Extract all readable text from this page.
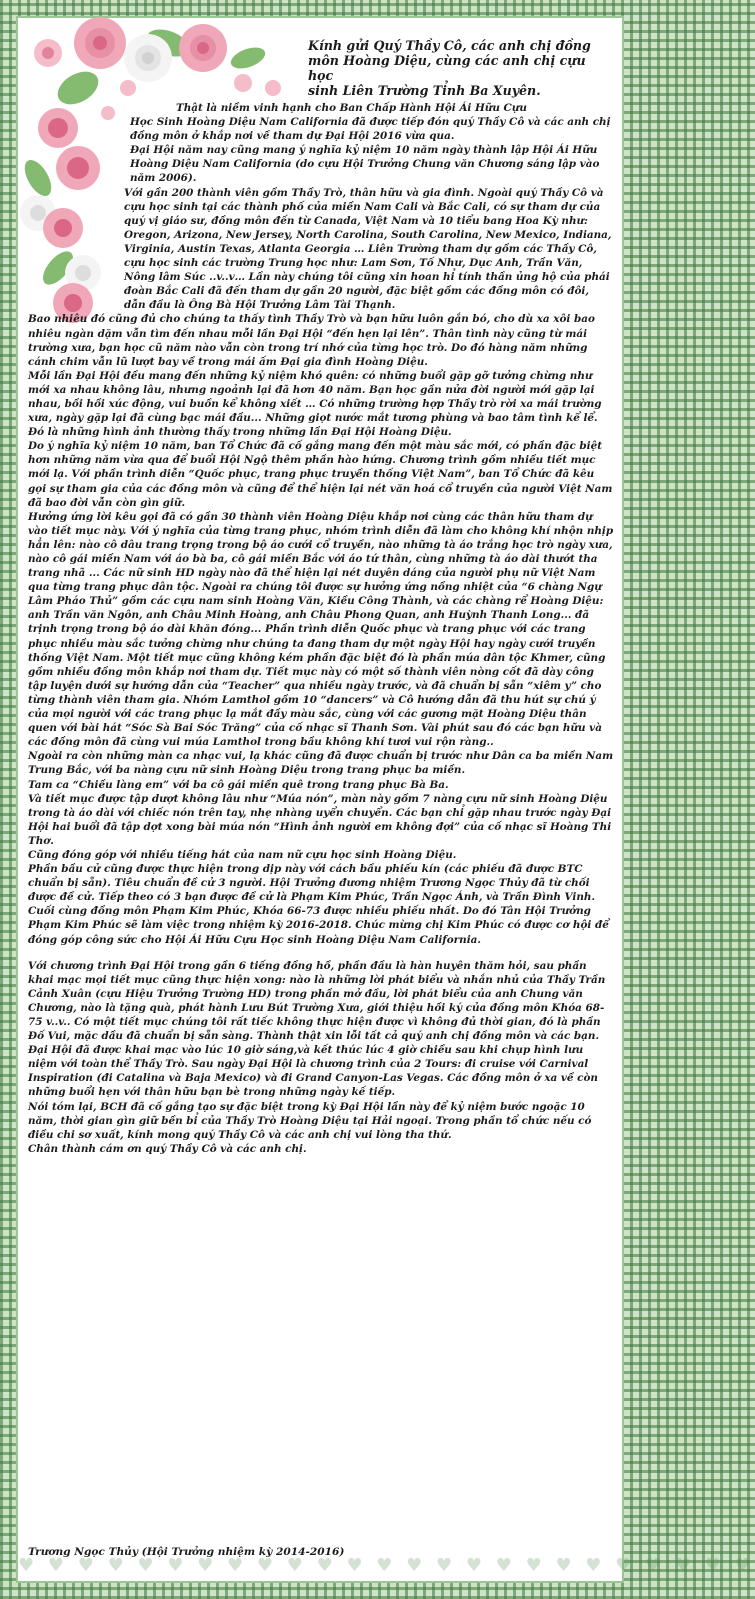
Kính gửi Quý Thầy Cô, các anh chị đồng
môn Hoàng Diệu, cùng các anh chị cựu học
sinh Liên Trường Tỉnh Ba Xuyên.

Thật là niềm vinh hạnh cho Ban Chấp Hành Hội Ái Hữu Cựu

Học Sinh Hoàng Diệu Nam California đã được tiếp đón quý Thầy Cô và các anh chị đồng môn ở khắp nơi về tham dự Đại Hội 2016 vừa qua.

Đại Hội năm nay cũng mang ý nghĩa kỷ niệm 10 năm ngày thành lập Hội Ái Hữu Hoàng Diệu Nam California (do cựu Hội Trưởng Chung văn Chương sáng lập vào năm 2006).

Với gần 200 thành viên gồm Thầy Trò, thân hữu và gia đình. Ngoài quý Thầy Cô và cựu học sinh tại các thành phố của miền Nam Cali và Bắc Cali, có sự tham dự của quý vị giáo sư, đồng môn đến từ Canada, Việt Nam và 10 tiểu bang Hoa Kỳ như: Oregon, Arizona, New Jersey, North Carolina, South Carolina, New Mexico, Indiana, Virginia, Austin Texas, Atlanta Georgia … Liên Trường tham dự gồm các Thầy Cô, cựu học sinh các trường Trung học như: Lam Sơn, Tố Như, Dục Anh, Trần Văn, Nông lâm Súc ..v..v… Lần này chúng tôi cũng xin hoan hỉ tính thần ủng hộ của phái đoàn Bắc Cali đã đến tham dự gần 20 người, đặc biệt gồm các đồng môn có đôi, dẫn đầu là Ông Bà Hội Trưởng Lâm Tài Thạnh.

Bao nhiêu đó cũng đủ cho chúng ta thấy tình Thầy Trò và bạn hữu luôn gắn bó, cho dù xa xôi bao nhiêu ngàn dặm vẫn tìm đến nhau mỗi lần Đại Hội “đến hẹn lại lên”. Thân tình này cũng từ mái trường xưa, bạn học cũ năm nào vẫn còn trong trí nhớ của từng học trò. Do đó hàng năm những cánh chim vẫn lũ lượt bay về trong mái ấm Đại gia đình Hoàng Diệu.

Mỗi lần Đại Hội đều mang đến những kỷ niệm khó quên: có những buổi gặp gỡ tưởng chừng như mới xa nhau không lâu, nhưng ngoảnh lại đã hơn 40 năm. Bạn học gần nửa đời người mới gặp lại nhau, bồi hồi xúc động, vui buồn kể không xiết … Có những trường hợp Thầy trò rời xa mái trường xưa, ngày gặp lại đã cùng bạc mái đầu... Những giọt nước mắt tương phùng và bao tâm tình kể lể. Đó là những hình ảnh thường thấy trong những lần Đại Hội Hoàng Diệu.

Do ý nghĩa kỷ niệm 10 năm, ban Tổ Chức đã cố gắng mang đến một màu sắc mới, có phần đặc biệt hơn những năm vừa qua để buổi Hội Ngộ thêm phần hào hứng. Chương trình gồm nhiều tiết mục mới lạ. Với phần trình diễn “Quốc phục, trang phục truyền thống Việt Nam”, ban Tổ Chức đã kêu gọi sự tham gia của các đồng môn và cũng để thể hiện lại nét văn hoá cổ truyền của người Việt Nam đã bao đời vẫn còn gìn giữ.

Hưởng ứng lời kêu gọi đã có gần 30 thành viên Hoàng Diệu khắp nơi cùng các thân hữu tham dự vào tiết mục này. Với ý nghĩa của từng trang phục, nhóm trình diễn đã làm cho không khí nhộn nhịp hẳn lên: nào cô dâu trang trọng trong bộ áo cưới cổ truyền, nào những tà áo trắng học trò ngày xưa, nào cô gái miền Nam với áo bà ba, cô gái miền Bắc với áo tứ thân, cùng những tà áo dài thướt tha trang nhã ... Các nữ sinh HD ngày nào đã thể hiện lại nét duyên dáng của người phụ nữ Việt Nam qua từng trang phục dân tộc. Ngoài ra chúng tôi được sự hưởng ứng nồng nhiệt của “6 chàng Ngự Lâm Pháo Thủ” gồm các cựu nam sinh Hoàng Văn, Kiều Công Thành, và các chàng rể Hoàng Diệu: anh Trần văn Ngôn, anh Châu Minh Hoàng, anh Châu Phong Quan, anh Huỳnh Thanh Long... đã trịnh trọng trong bộ áo dài khăn đóng... Phần trình diễn Quốc phục và trang phục với các trang phục nhiều màu sắc tưởng chừng như chúng ta đang tham dự một ngày Hội hay ngày cưới truyền thống Việt Nam. Một tiết mục cũng không kém phần đặc biệt đó là phần múa dân tộc Khmer, cũng gồm nhiều đồng môn khắp nơi tham dự. Tiết mục này có một số thành viên nòng cốt đã dày công tập luyện dưới sự hướng dẫn của “Teacher” qua nhiều ngày trước, và đã chuẩn bị sẵn “xiêm y” cho từng thành viên tham gia. Nhóm Lamthol gồm 10 “dancers” và Cô hướng dẫn đã thu hút sự chú ý của mọi người với các trang phục lạ mắt đầy màu sắc, cùng với các gương mặt Hoàng Diệu thân quen với bài hát “Sóc Sà Bai Sóc Trăng” của cố nhạc sĩ Thanh Sơn. Vài phút sau đó các bạn hữu và các đồng môn đã cùng vui múa Lamthol trong bầu không khí tươi vui rộn ràng..

Ngoài ra còn những màn ca nhạc vui, lạ khác cũng đã được chuẩn bị trước như Dân ca ba miền Nam Trung Bắc, với ba nàng cựu nữ sinh Hoàng Diệu trong trang phục ba miền.

Tam ca “Chiều làng em” với ba cô gái miền quê trong trang phục Bà Ba.

Và tiết mục được tập dượt không lâu như “Múa nón”, màn này gồm 7 nàng cựu nữ sinh Hoàng Diệu trong tà áo dài với chiếc nón trên tay, nhẹ nhàng uyển chuyển. Các bạn chỉ gặp nhau trước ngày Đại Hội hai buổi đã tập dợt xong bài múa nón “Hình ảnh người em không đợi” của cố nhạc sĩ Hoàng Thi Thơ.

Cũng đóng góp với nhiều tiếng hát của nam nữ cựu học sinh Hoàng Diệu.

Phần bầu cử cũng được thực hiện trong dịp này với cách bầu phiếu kín (các phiếu đã được BTC chuẩn bị sẵn). Tiêu chuẩn đề cử 3 người. Hội Trưởng đương nhiệm Trương Ngọc Thủy đã từ chối được đề cử. Tiếp theo có 3 bạn được đề cử là Phạm Kim Phúc, Trần Ngọc Ánh, và Trần Đình Vinh. Cuối cùng đồng môn Phạm Kim Phúc, Khóa 66-73 được nhiều phiếu nhất. Do đó Tân Hội Trưởng Phạm Kim Phúc sẽ làm việc trong nhiệm kỳ 2016-2018. Chúc mừng chị Kim Phúc có được cơ hội để đóng góp công sức cho Hội Ái Hữu Cựu Học sinh Hoàng Diệu Nam California.

Với chương trình Đại Hội trong gần 6 tiếng đồng hồ, phần đầu là hàn huyên thăm hỏi, sau phần khai mạc mọi tiết mục cũng thực hiện xong: nào là những lời phát biểu và nhắn nhủ của Thầy Trần Cảnh Xuân (cựu Hiệu Trưởng Trường HD) trong phần mở đầu, lời phát biểu của anh Chung văn Chương, nào là tặng quà, phát hành Lưu Bút Trường Xưa, giới thiệu hồi ký của đồng môn Khóa 68-75 v..v.. Có một tiết mục chúng tôi rất tiếc không thực hiện được vì không đủ thời gian, đó là phần Đố Vui, mặc dầu đã chuẩn bị sẵn sàng. Thành thật xin lỗi tất cả quý anh chị đồng môn và các bạn.

Đại Hội đã được khai mạc vào lúc 10 giờ sáng,và kết thúc lúc 4 giờ chiều sau khi chụp hình lưu niệm với toàn thể Thầy Trò. Sau ngày Đại Hội là chương trình của 2 Tours: đi cruise với Carnival Inspiration (đi Catalina và Baja Mexico) và đi Grand Canyon-Las Vegas. Các đồng môn ở xa về còn những buổi hẹn với thân hữu bạn bè trong những ngày kế tiếp.

Nói tóm lại, BCH đã cố gắng tạo sự đặc biệt trong kỳ Đại Hội lần này để kỷ niệm bước ngoặc 10 năm, thời gian gìn giữ bền bỉ của Thầy Trò Hoàng Diệu tại Hải ngoại. Trong phần tổ chức nếu có điều chi sơ xuất, kính mong quý Thầy Cô và các anh chị vui lòng tha thứ.

Chân thành cám ơn quý Thầy Cô và các anh chị.

Trương Ngọc Thủy (Hội Trưởng nhiệm kỳ 2014-2016)
♥ ♥ ♥ ♥ ♥ ♥ ♥ ♥ ♥ ♥ ♥ ♥ ♥ ♥ ♥ ♥ ♥ ♥ ♥ ♥ ♥ ♥ ♥ ♥ ♥
